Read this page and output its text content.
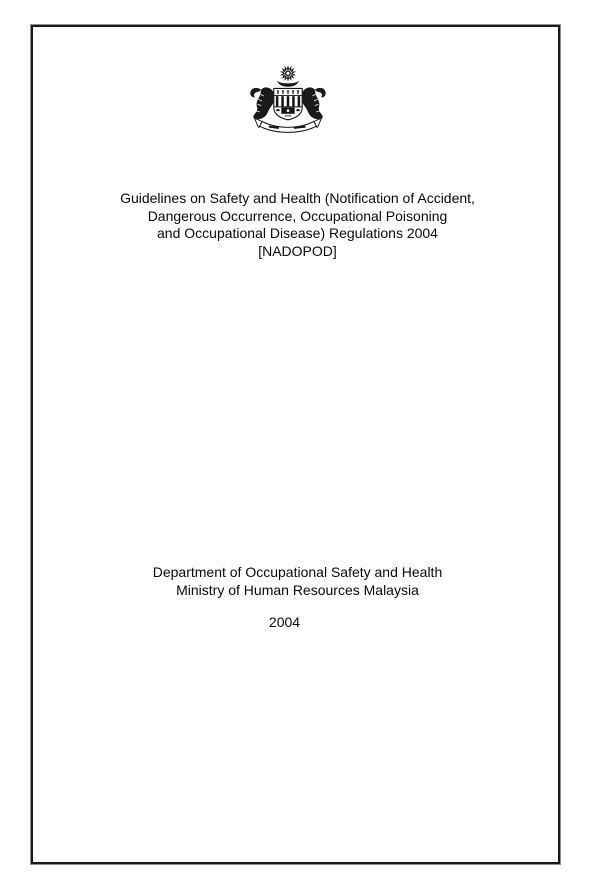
Guidelines on Safety and Health (Notification of Accident,
Dangerous Occurrence, Occupational Poisoning
and Occupational Disease) Regulations 2004
[NADOPOD]
Department of Occupational Safety and Health
Ministry of Human Resources Malaysia
2004
